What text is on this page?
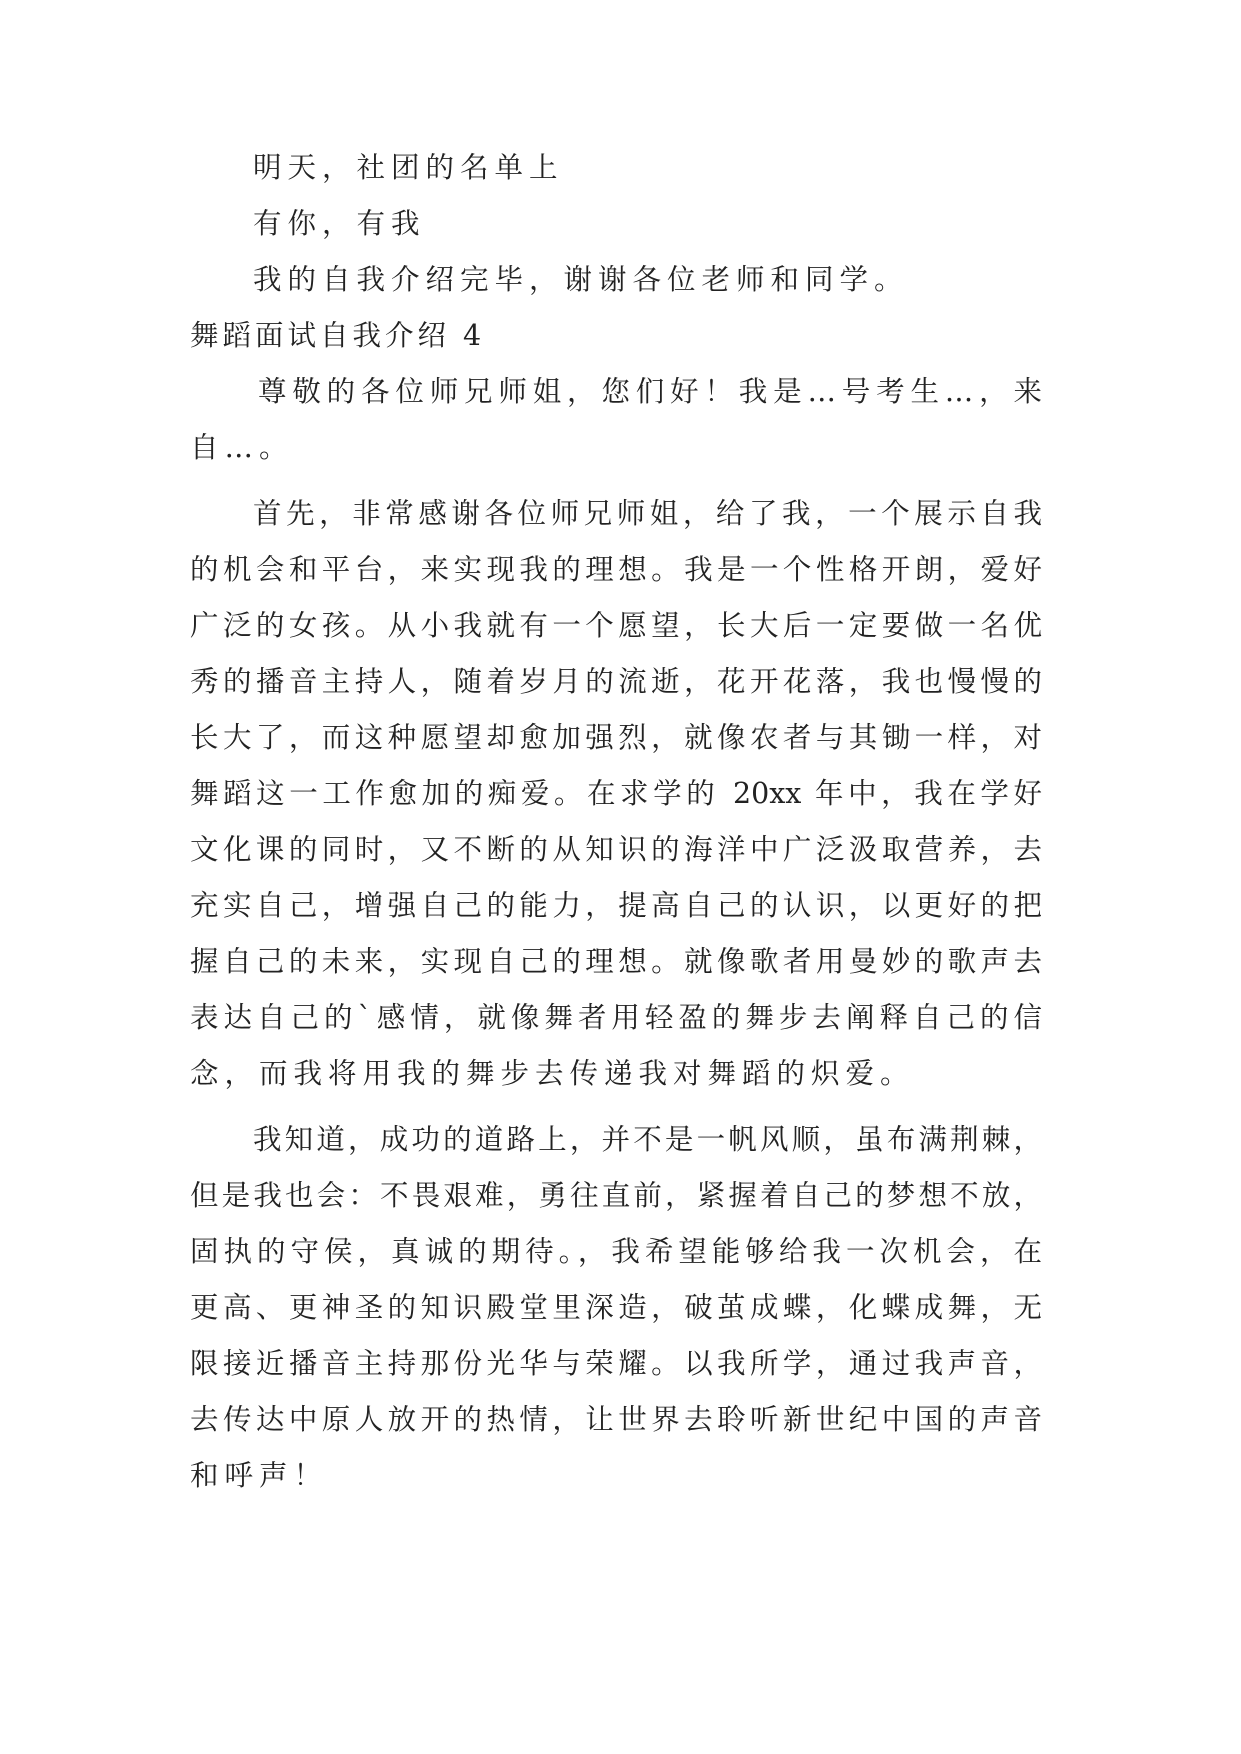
明天，社团的名单上
有你，有我
我的自我介绍完毕，谢谢各位老师和同学。
舞蹈面试自我介绍 4
尊敬的各位师兄师姐，您们好！我是…号考生…，来
自…。
首先，非常感谢各位师兄师姐，给了我，一个展示自我
的机会和平台，来实现我的理想。我是一个性格开朗，爱好
广泛的女孩。从小我就有一个愿望，长大后一定要做一名优
秀的播音主持人，随着岁月的流逝，花开花落，我也慢慢的
长大了，而这种愿望却愈加强烈，就像农者与其锄一样，对
舞蹈这一工作愈加的痴爱。在求学的 20xx 年中，我在学好
文化课的同时，又不断的从知识的海洋中广泛汲取营养，去
充实自己，增强自己的能力，提高自己的认识，以更好的把
握自己的未来，实现自己的理想。就像歌者用曼妙的歌声去
表达自己的`感情，就像舞者用轻盈的舞步去阐释自己的信
念，而我将用我的舞步去传递我对舞蹈的炽爱。
我知道，成功的道路上，并不是一帆风顺，虽布满荆棘，
但是我也会：不畏艰难，勇往直前，紧握着自己的梦想不放，
固执的守侯，真诚的期待。，我希望能够给我一次机会，在
更高、更神圣的知识殿堂里深造，破茧成蝶，化蝶成舞，无
限接近播音主持那份光华与荣耀。以我所学，通过我声音，
去传达中原人放开的热情，让世界去聆听新世纪中国的声音
和呼声！
